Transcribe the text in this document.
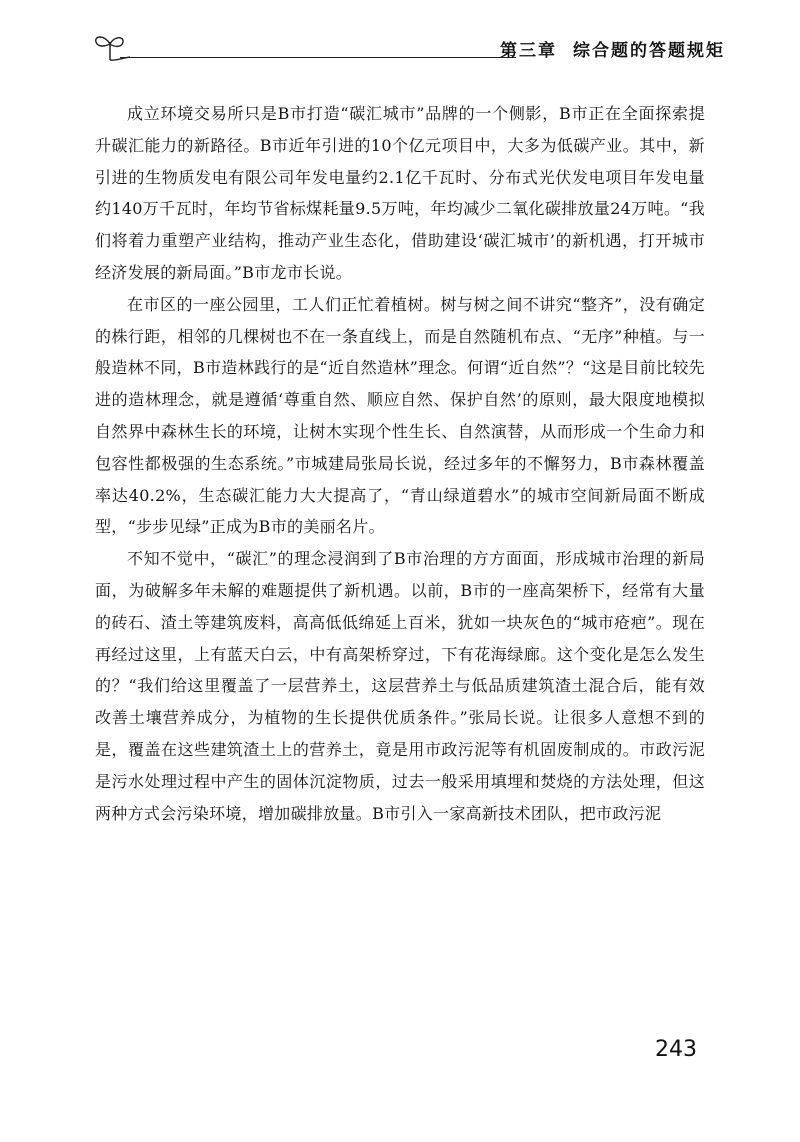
第三章 综合题的答题规矩

成立环境交易所只是B市打造“碳汇城市”品牌的一个侧影，B市正在全面探索提升碳汇能力的新路径。B市近年引进的10个亿元项目中，大多为低碳产业。其中，新引进的生物质发电有限公司年发电量约2.1亿千瓦时、分布式光伏发电项目年发电量约140万千瓦时，年均节省标煤耗量9.5万吨，年均减少二氧化碳排放量24万吨。“我们将着力重塑产业结构，推动产业生态化，借助建设‘碳汇城市’的新机遇，打开城市经济发展的新局面。”B市龙市长说。

在市区的一座公园里，工人们正忙着植树。树与树之间不讲究“整齐”，没有确定的株行距，相邻的几棵树也不在一条直线上，而是自然随机布点、“无序”种植。与一般造林不同，B市造林践行的是“近自然造林”理念。何谓“近自然”？“这是目前比较先进的造林理念，就是遵循‘尊重自然、顺应自然、保护自然’的原则，最大限度地模拟自然界中森林生长的环境，让树木实现个性生长、自然演替，从而形成一个生命力和包容性都极强的生态系统。”市城建局张局长说，经过多年的不懈努力，B市森林覆盖率达40.2%，生态碳汇能力大大提高了，“青山绿道碧水”的城市空间新局面不断成型，“步步见绿”正成为B市的美丽名片。

不知不觉中，“碳汇”的理念浸润到了B市治理的方方面面，形成城市治理的新局面，为破解多年未解的难题提供了新机遇。以前，B市的一座高架桥下，经常有大量的砖石、渣土等建筑废料，高高低低绵延上百米，犹如一块灰色的“城市疮疤”。现在再经过这里，上有蓝天白云，中有高架桥穿过，下有花海绿廊。这个变化是怎么发生的？“我们给这里覆盖了一层营养土，这层营养土与低品质建筑渣土混合后，能有效改善土壤营养成分，为植物的生长提供优质条件。”张局长说。让很多人意想不到的是，覆盖在这些建筑渣土上的营养土，竟是用市政污泥等有机固废制成的。市政污泥是污水处理过程中产生的固体沉淀物质，过去一般采用填埋和焚烧的方法处理，但这两种方式会污染环境，增加碳排放量。B市引入一家高新技术团队，把市政污泥

243
